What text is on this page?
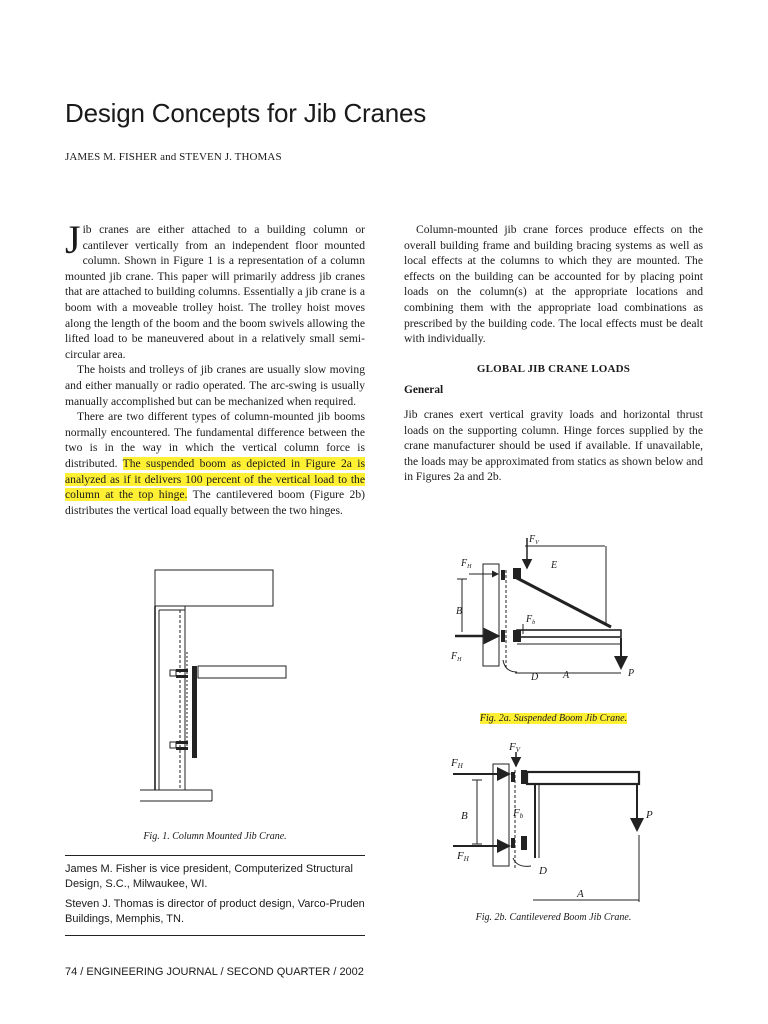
Design Concepts for Jib Cranes
JAMES M. FISHER and STEVEN J. THOMAS

Jib cranes are either attached to a building column or cantilever vertically from an independent floor mounted column. Shown in Figure 1 is a representation of a column mounted jib crane. This paper will primarily address jib cranes that are attached to building columns. Essentially a jib crane is a boom with a moveable trolley hoist. The trolley hoist moves along the length of the boom and the boom swivels allowing the lifted load to be maneuvered about in a relatively small semi-circular area.

The hoists and trolleys of jib cranes are usually slow moving and either manually or radio operated. The arc-swing is usually manually accomplished but can be mechanized when required.

There are two different types of column-mounted jib booms normally encountered. The fundamental difference between the two is in the way in which the vertical column force is distributed. The suspended boom as depicted in Figure 2a is analyzed as if it delivers 100 percent of the vertical load to the column at the top hinge. The cantilevered boom (Figure 2b) distributes the vertical load equally between the two hinges.

Column-mounted jib crane forces produce effects on the overall building frame and building bracing systems as well as local effects at the columns to which they are mounted. The effects on the building can be accounted for by placing point loads on the column(s) at the appropriate locations and combining them with the appropriate load combinations as prescribed by the building code. The local effects must be dealt with individually.

GLOBAL JIB CRANE LOADS
General

Jib cranes exert vertical gravity loads and horizontal thrust loads on the supporting column. Hinge forces supplied by the crane manufacturer should be used if available. If unavailable, the loads may be approximated from statics as shown below and in Figures 2a and 2b.

Fig. 1. Column Mounted Jib Crane.
$F_V$
$F_H$	E
B
$F_b$
$F_H$
D A	P
Fig. 2a. Suspended Boom Jib Crane.
FV
FH
B	Fb
FH
D
A
P
Fig. 2b. Cantilevered Boom Jib Crane.

James M. Fisher is vice president, Computerized Structural Design, S.C., Milwaukee, WI.

Steven J. Thomas is director of product design, Varco-Pruden Buildings, Memphis, TN.

74 / ENGINEERING JOURNAL / SECOND QUARTER / 2002
